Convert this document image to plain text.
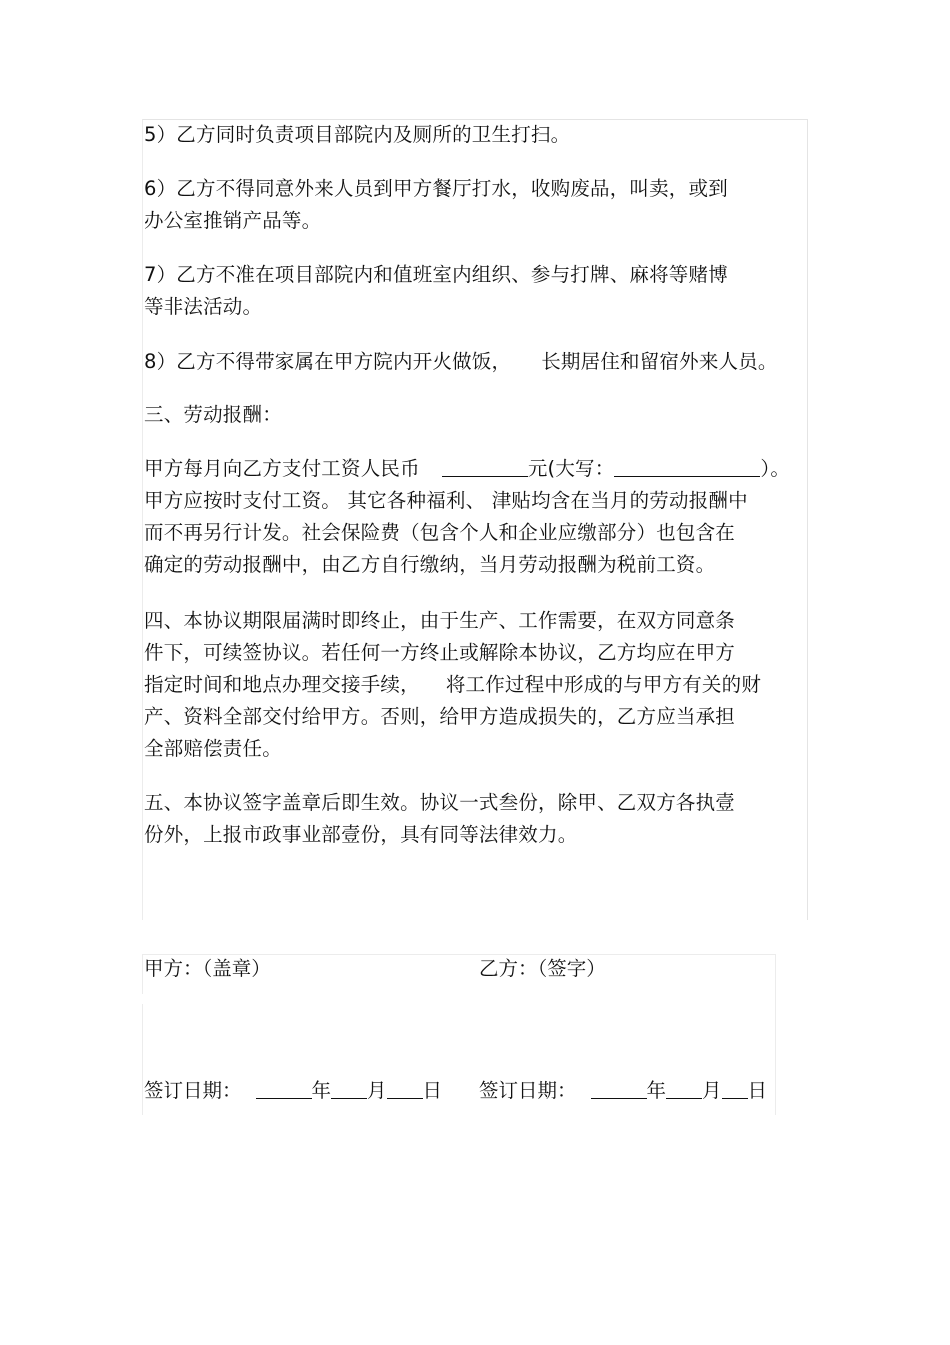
5）乙方同时负责项目部院内及厕所的卫生打扫。
6）乙方不得同意外来人员到甲方餐厅打水，收购废品，叫卖，或到
办公室推销产品等。
7）乙方不准在项目部院内和值班室内组织、参与打牌、麻将等赌博
等非法活动。
8）乙方不得带家属在甲方院内开火做饭， 长期居住和留宿外来人员。
三、劳动报酬：
甲方每月向乙方支付工资人民币	元(大写：	）。
甲方应按时支付工资。 其它各种福利、 津贴均含在当月的劳动报酬中
而不再另行计发。社会保险费（包含个人和企业应缴部分）也包含在
确定的劳动报酬中，由乙方自行缴纳，当月劳动报酬为税前工资。
四、本协议期限届满时即终止，由于生产、工作需要，在双方同意条
件下，可续签协议。若任何一方终止或解除本协议，乙方均应在甲方
指定时间和地点办理交接手续， 将工作过程中形成的与甲方有关的财
产、资料全部交付给甲方。否则，给甲方造成损失的，乙方应当承担
全部赔偿责任。
五、本协议签字盖章后即生效。协议一式叁份，除甲、乙双方各执壹
份外，上报市政事业部壹份，具有同等法律效力。
甲方：（盖章）	乙方：（签字）
签订日期：	年 月 日 签订日期：	年 月 日
